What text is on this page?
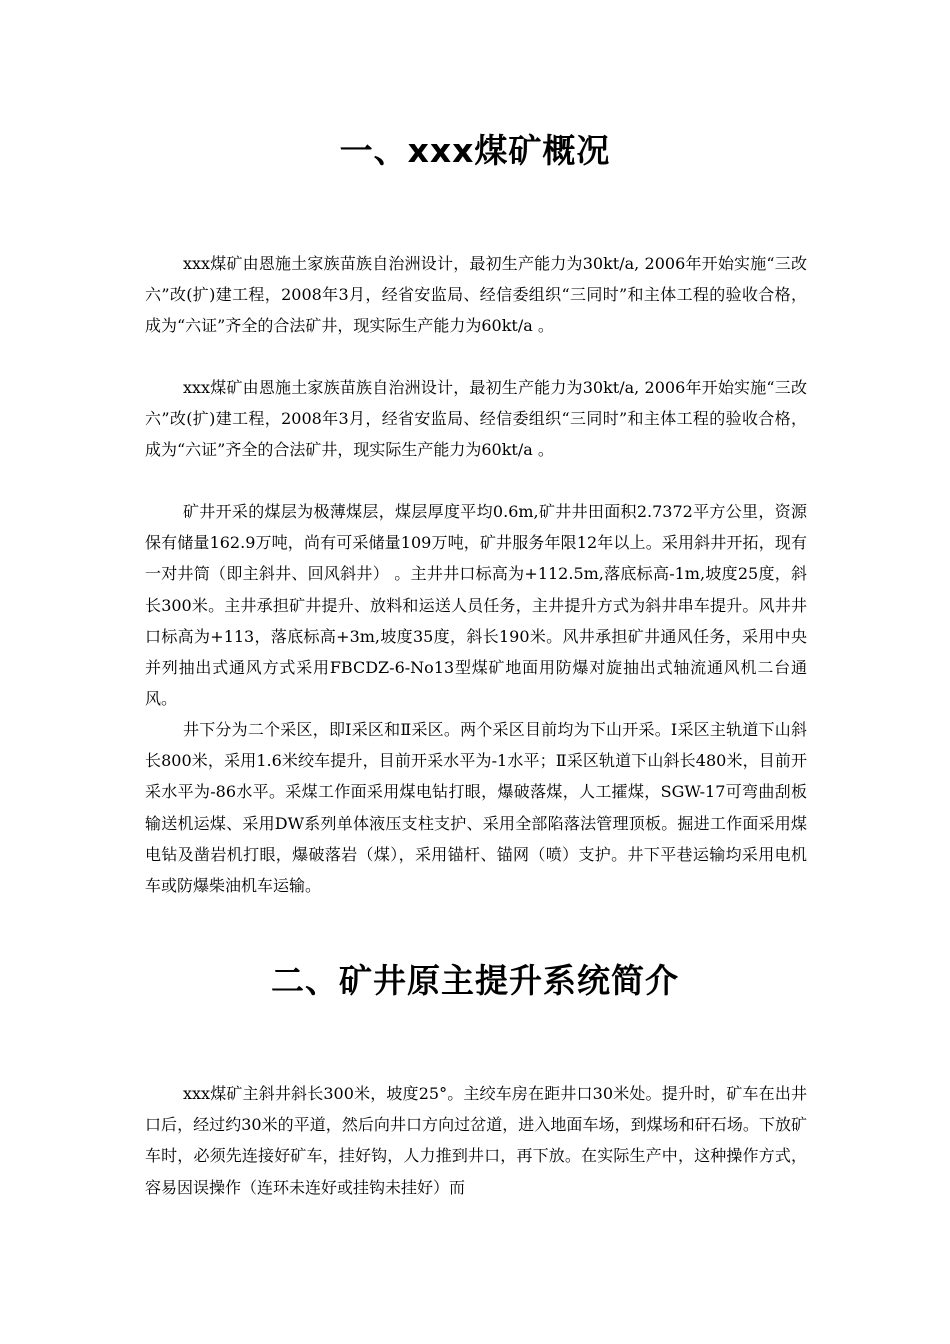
一、xxx煤矿概况

xxx煤矿由恩施土家族苗族自治洲设计，最初生产能力为30kt/a, 2006年开始实施“三改六”改(扩)建工程，2008年3月，经省安监局、经信委组织“三同时”和主体工程的验收合格，成为“六证”齐全的合法矿井，现实际生产能力为60kt/a 。

xxx煤矿由恩施土家族苗族自治洲设计，最初生产能力为30kt/a, 2006年开始实施“三改六”改(扩)建工程，2008年3月，经省安监局、经信委组织“三同时”和主体工程的验收合格，成为“六证”齐全的合法矿井，现实际生产能力为60kt/a 。

矿井开采的煤层为极薄煤层，煤层厚度平均0.6m,矿井井田面积2.7372平方公里，资源保有储量162.9万吨，尚有可采储量109万吨，矿井服务年限12年以上。采用斜井开拓，现有一对井筒（即主斜井、回风斜井） 。主井井口标高为+112.5m,落底标高-1m,坡度25度，斜长300米。主井承担矿井提升、放料和运送人员任务，主井提升方式为斜井串车提升。风井井口标高为+113，落底标高+3m,坡度35度，斜长190米。风井承担矿井通风任务，采用中央并列抽出式通风方式采用FBCDZ-6-No13型煤矿地面用防爆对旋抽出式轴流通风机二台通风。

井下分为二个采区，即Ⅰ采区和Ⅱ采区。两个采区目前均为下山开采。Ⅰ采区主轨道下山斜长800米，采用1.6米绞车提升，目前开采水平为-1水平；Ⅱ采区轨道下山斜长480米，目前开采水平为-86水平。采煤工作面采用煤电钻打眼，爆破落煤，人工攉煤，SGW-17可弯曲刮板输送机运煤、采用DW系列单体液压支柱支护、采用全部陷落法管理顶板。掘进工作面采用煤电钻及凿岩机打眼，爆破落岩（煤），采用锚杆、锚网（喷）支护。井下平巷运输均采用电机车或防爆柴油机车运输。

二、矿井原主提升系统简介

xxx煤矿主斜井斜长300米，坡度25°。主绞车房在距井口30米处。提升时，矿车在出井口后，经过约30米的平道，然后向井口方向过岔道，进入地面车场，到煤场和矸石场。下放矿车时，必须先连接好矿车，挂好钩，人力推到井口，再下放。在实际生产中，这种操作方式，容易因误操作（连环未连好或挂钩未挂好）而
